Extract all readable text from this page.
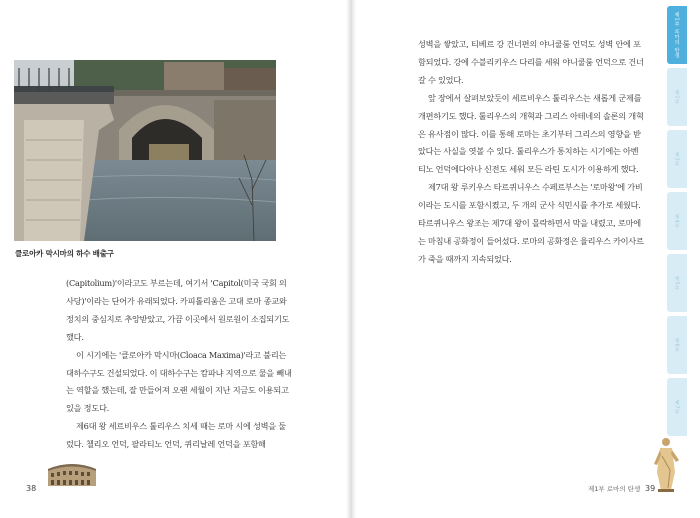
클로아카 막시마의 하수 배출구

(Capitolium)'이라고도 부르는데, 여기서 'Capitol(미국 국회 의사당)'이라는 단어가 유래되었다. 카피톨리움은 고대 로마 종교와 정치의 중심지로 추앙받았고, 가끔 이곳에서 원로원이 소집되기도 했다.

이 시기에는 '클로아카 막시마(Cloaca Maxima)'라고 불리는 대하수구도 건설되었다. 이 대하수구는 캄파냐 지역으로 물을 빼내는 역할을 했는데, 잘 만들어져 오랜 세월이 지난 지금도 이용되고 있을 정도다.

제6대 왕 세르비우스 툴리우스 치세 때는 로마 시에 성벽을 둘렀다. 첼리오 언덕, 팔라티노 언덕, 퀴리날레 언덕을 포함해

성벽을 쌓았고, 티베르 강 건너편의 야니쿨룸 언덕도 성벽 안에 포함되었다. 강에 수블리키우스 다리를 세워 야니쿨룸 언덕으로 건너갈 수 있었다.

앞 장에서 살펴보았듯이 세르비우스 툴리우스는 새롭게 군제를 개편하기도 했다. 툴리우스의 개혁과 그리스 아테네의 솔론의 개혁은 유사점이 많다. 이를 통해 로마는 초기부터 그리스의 영향을 받았다는 사실을 엿볼 수 있다. 툴리우스가 통치하는 시기에는 아벤티노 언덕에다아나 신전도 세워 모든 라틴 도시가 이용하게 했다.

제7대 왕 루키우스 타르퀴니우스 수페르부스는 '로마왕'에 가비이라는 도시를 포함시켰고, 두 개의 군사 식민시를 추가로 세웠다. 타르퀴니우스 왕조는 제7대 왕이 몰락하면서 막을 내렸고, 로마에는 마침내 공화정이 들어섰다. 로마의 공화정은 율리우스 카이사르가 죽을 때까지 지속되었다.

38	제1부 로마의 탄생 39
제1부 로마의 탄생
제2부
제3부
제4부
제5부
제6부
제7부
